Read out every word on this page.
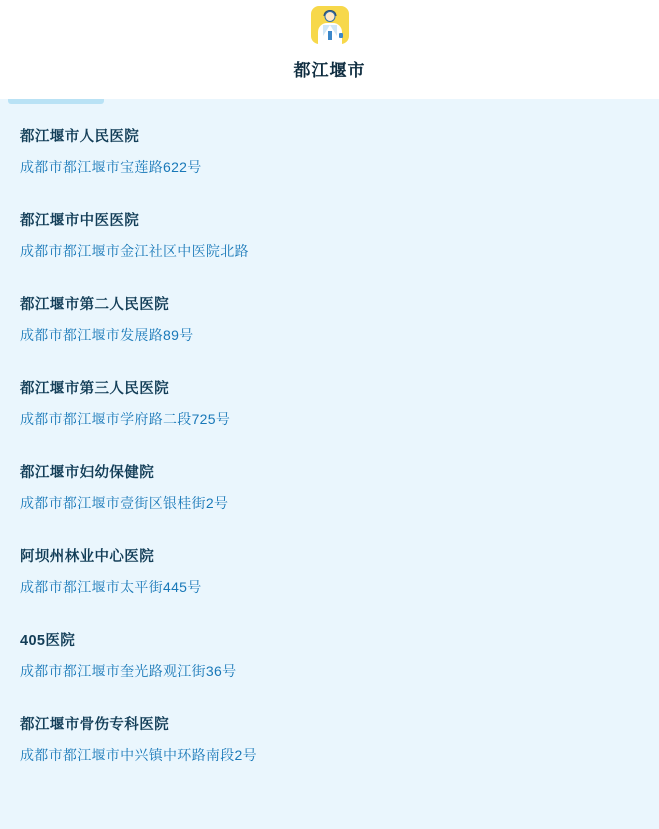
都江堰市
都江堰市人民医院
成都市都江堰市宝莲路622号
都江堰市中医医院
成都市都江堰市金江社区中医院北路
都江堰市第二人民医院
成都市都江堰市发展路89号
都江堰市第三人民医院
成都市都江堰市学府路二段725号
都江堰市妇幼保健院
成都市都江堰市壹街区银桂街2号
阿坝州林业中心医院
成都市都江堰市太平街445号
405医院
成都市都江堰市奎光路观江街36号
都江堰市骨伤专科医院
成都市都江堰市中兴镇中环路南段2号
